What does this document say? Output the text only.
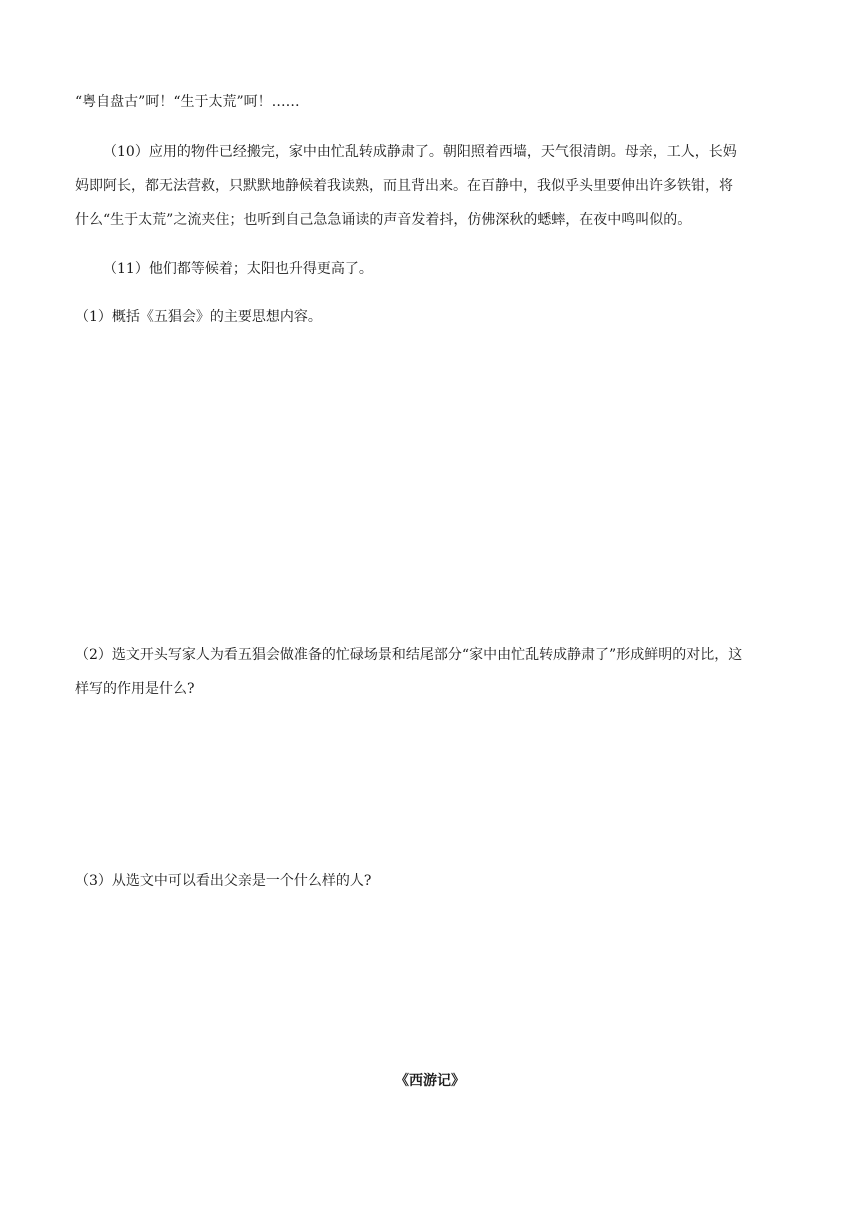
“粤自盘古”呵！“生于太荒”呵！……

（10）应用的物件已经搬完，家中由忙乱转成静肃了。朝阳照着西墙，天气很清朗。母亲，工人，长妈

妈即阿长，都无法营救，只默默地静候着我读熟，而且背出来。在百静中，我似乎头里要伸出许多铁钳，将

什么“生于太荒”之流夹住；也听到自己急急诵读的声音发着抖，仿佛深秋的蟋蟀，在夜中鸣叫似的。

（11）他们都等候着；太阳也升得更高了。

（1）概括《五猖会》的主要思想内容。

（2）选文开头写家人为看五猖会做准备的忙碌场景和结尾部分“家中由忙乱转成静肃了”形成鲜明的对比，这

样写的作用是什么?

（3）从选文中可以看出父亲是一个什么样的人?

《西游记》
